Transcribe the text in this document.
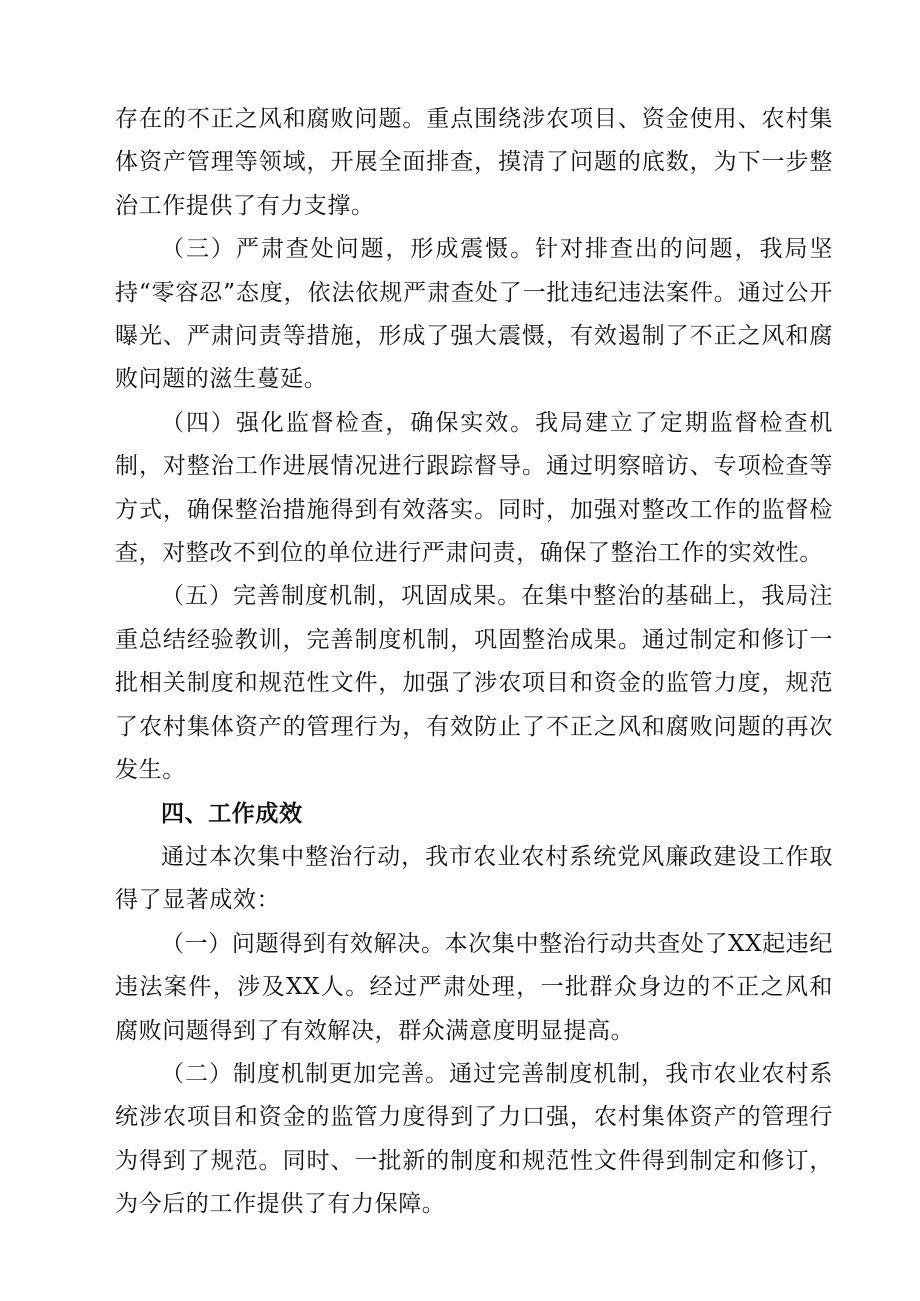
存在的不正之风和腐败问题。重点围绕涉农项目、资金使用、农村集体资产管理等领域，开展全面排查，摸清了问题的底数，为下一步整治工作提供了有力支撑。

（三）严肃查处问题，形成震慑。针对排查出的问题，我局坚持“零容忍”态度，依法依规严肃查处了一批违纪违法案件。通过公开曝光、严肃问责等措施，形成了强大震慑，有效遏制了不正之风和腐败问题的滋生蔓延。

（四）强化监督检查，确保实效。我局建立了定期监督检查机制，对整治工作进展情况进行跟踪督导。通过明察暗访、专项检查等方式，确保整治措施得到有效落实。同时，加强对整改工作的监督检查，对整改不到位的单位进行严肃问责，确保了整治工作的实效性。

（五）完善制度机制，巩固成果。在集中整治的基础上，我局注重总结经验教训，完善制度机制，巩固整治成果。通过制定和修订一批相关制度和规范性文件，加强了涉农项目和资金的监管力度，规范了农村集体资产的管理行为，有效防止了不正之风和腐败问题的再次发生。

四、工作成效

通过本次集中整治行动，我市农业农村系统党风廉政建设工作取得了显著成效：

（一）问题得到有效解决。本次集中整治行动共查处了XX起违纪违法案件，涉及XX人。经过严肃处理，一批群众身边的不正之风和腐败问题得到了有效解决，群众满意度明显提高。

（二）制度机制更加完善。通过完善制度机制，我市农业农村系统涉农项目和资金的监管力度得到了力口强，农村集体资产的管理行为得到了规范。同时、一批新的制度和规范性文件得到制定和修订，为今后的工作提供了有力保障。
